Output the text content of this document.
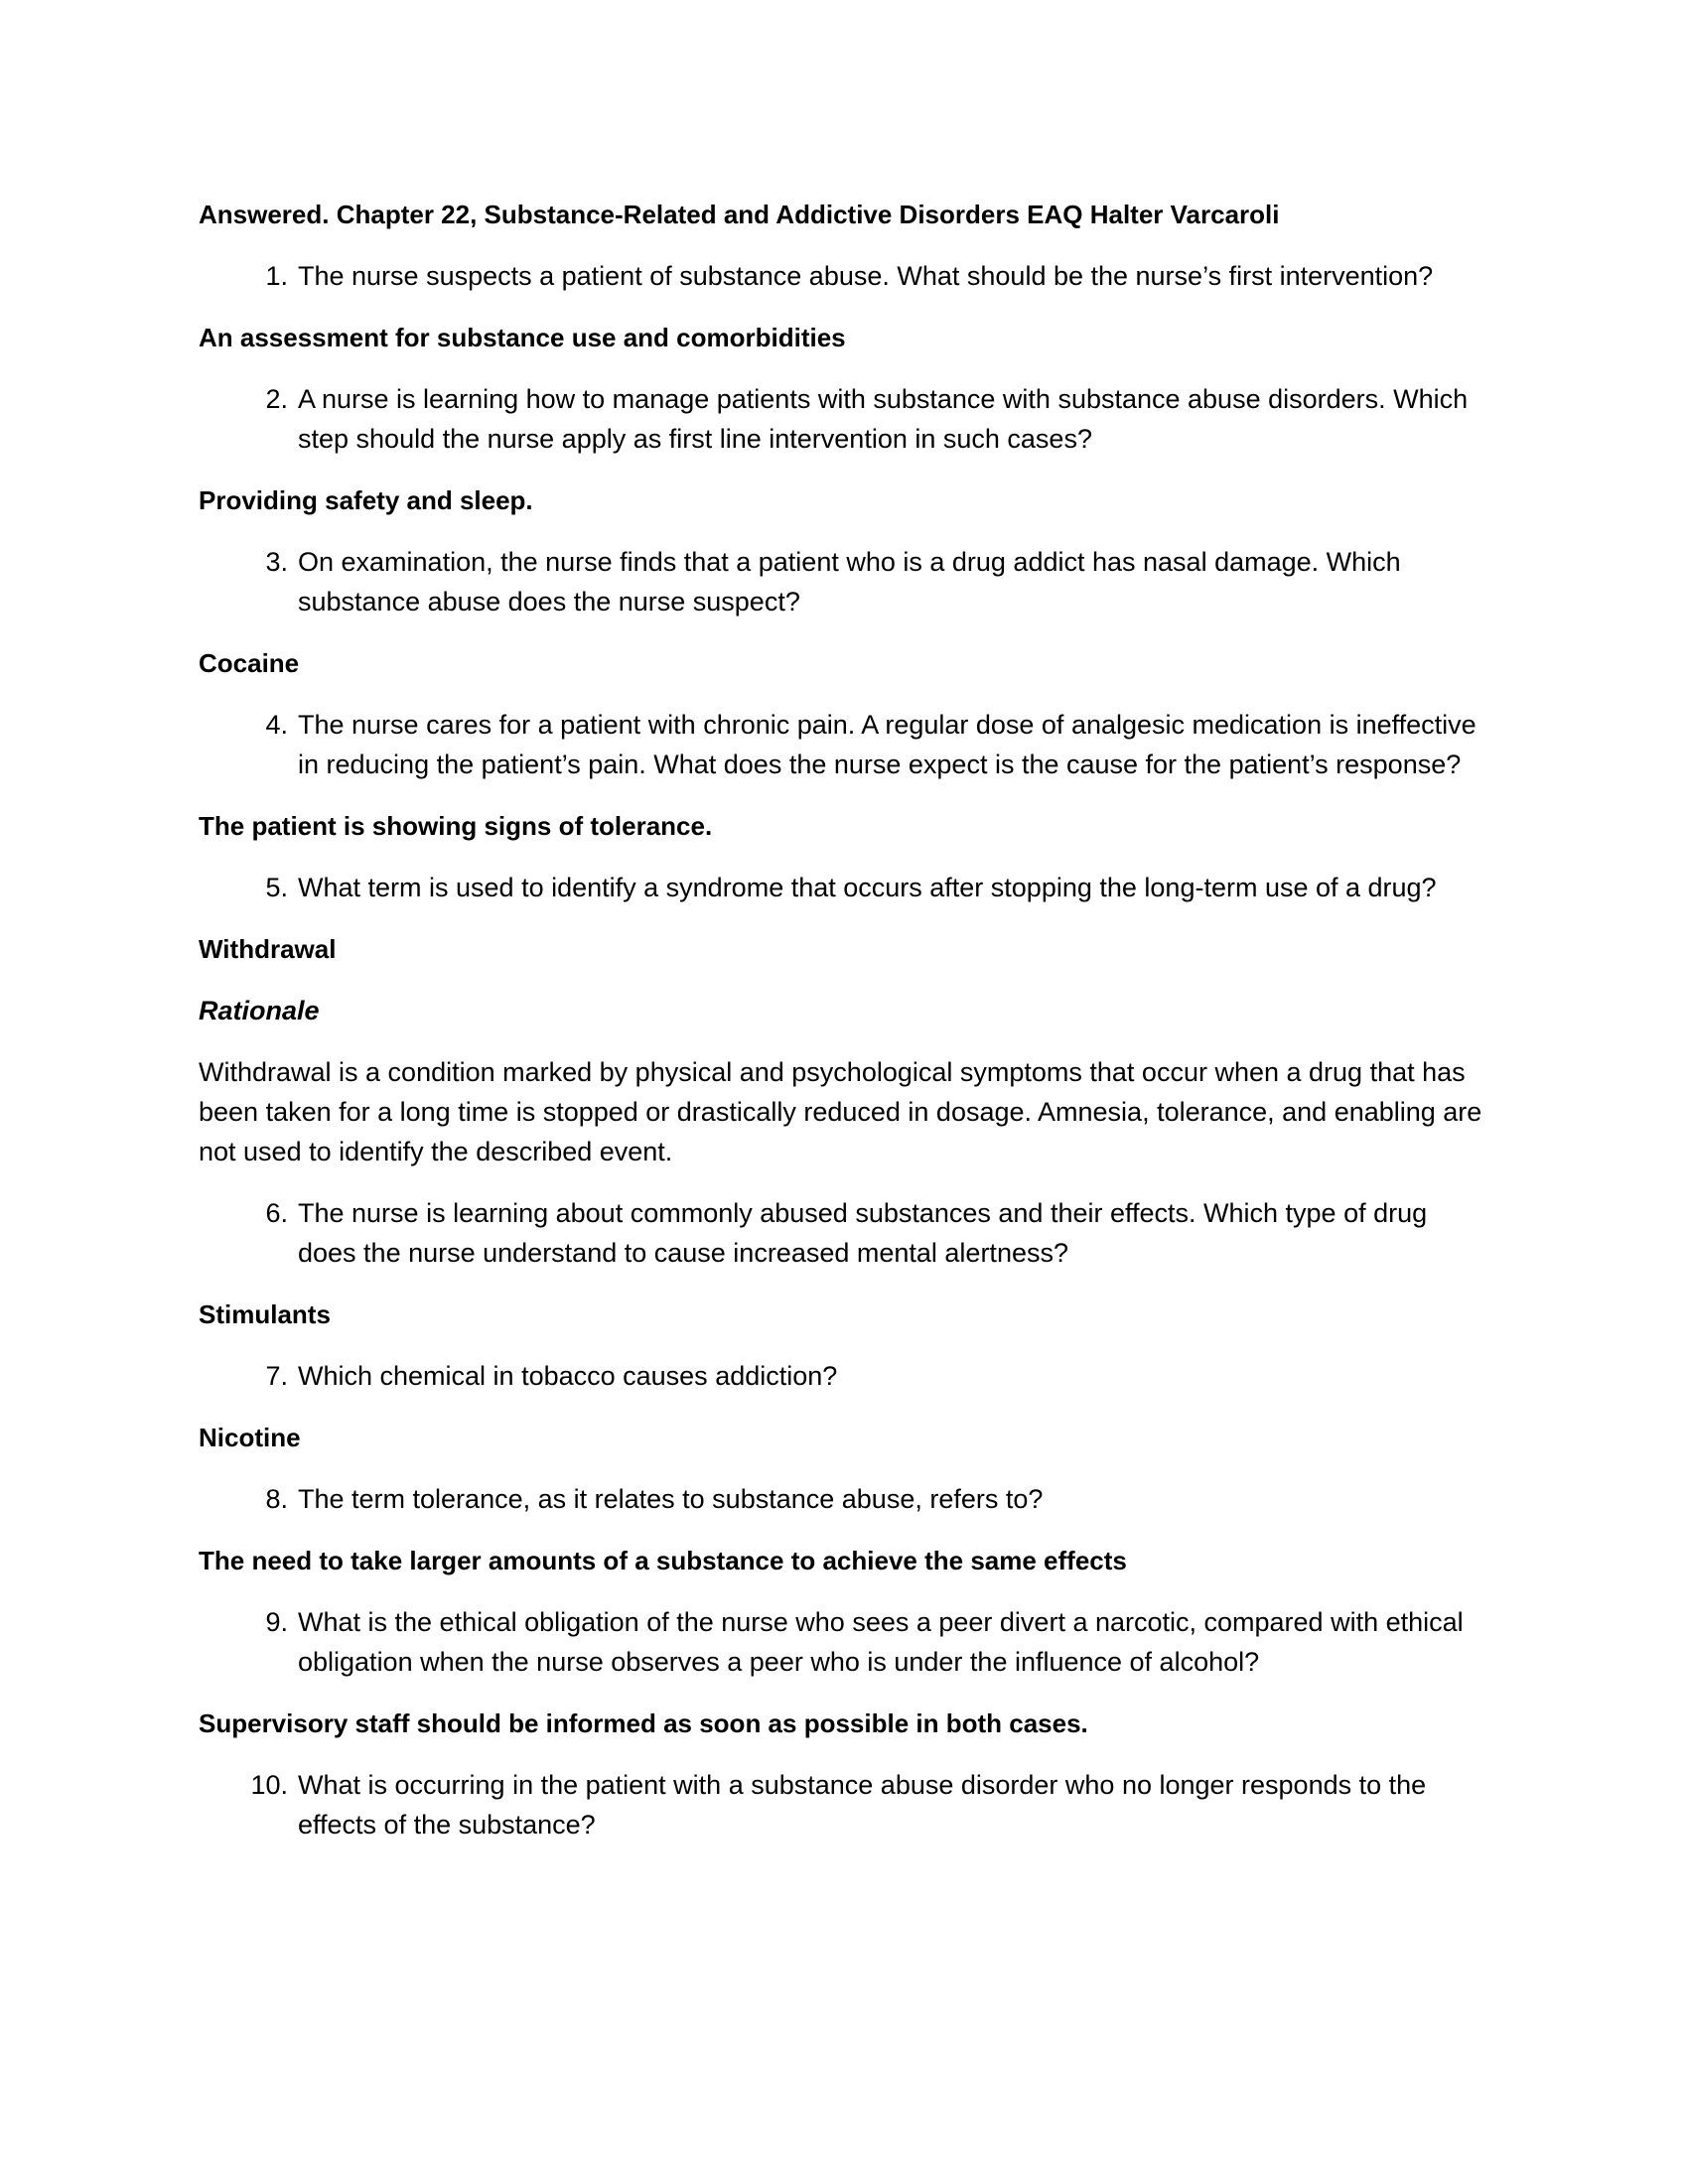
Answered. Chapter 22, Substance-Related and Addictive Disorders EAQ Halter Varcaroli
1. The nurse suspects a patient of substance abuse. What should be the nurse’s first intervention?
An assessment for substance use and comorbidities
2. A nurse is learning how to manage patients with substance with substance abuse disorders. Which step should the nurse apply as first line intervention in such cases?
Providing safety and sleep.
3. On examination, the nurse finds that a patient who is a drug addict has nasal damage. Which substance abuse does the nurse suspect?
Cocaine
4. The nurse cares for a patient with chronic pain. A regular dose of analgesic medication is ineffective in reducing the patient’s pain. What does the nurse expect is the cause for the patient’s response?
The patient is showing signs of tolerance.
5. What term is used to identify a syndrome that occurs after stopping the long-term use of a drug?
Withdrawal
Rationale
Withdrawal is a condition marked by physical and psychological symptoms that occur when a drug that has been taken for a long time is stopped or drastically reduced in dosage. Amnesia, tolerance, and enabling are not used to identify the described event.
6. The nurse is learning about commonly abused substances and their effects. Which type of drug does the nurse understand to cause increased mental alertness?
Stimulants
7. Which chemical in tobacco causes addiction?
Nicotine
8. The term tolerance, as it relates to substance abuse, refers to?
The need to take larger amounts of a substance to achieve the same effects
9. What is the ethical obligation of the nurse who sees a peer divert a narcotic, compared with ethical obligation when the nurse observes a peer who is under the influence of alcohol?
Supervisory staff should be informed as soon as possible in both cases.
10. What is occurring in the patient with a substance abuse disorder who no longer responds to the effects of the substance?
